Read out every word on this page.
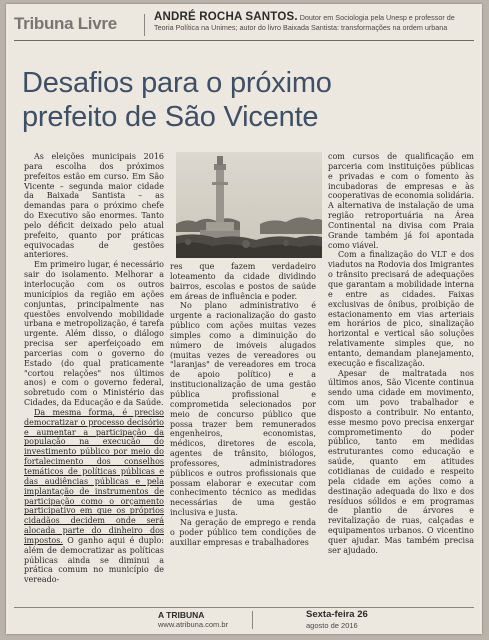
Tribuna Livre	ANDRÉ ROCHA SANTOS. Doutor em Sociologia pela Unesp e professor de Teoria Política na Unimes; autor do livro Baixada Santista: transformações na ordem urbana
Desafios para o próximo
prefeito de São Vicente

As eleições municipais 2016 para escolha dos próximos prefeitos estão em curso. Em São Vicente – segunda maior cidade da Baixada Santista – as demandas para o próximo chefe do Executivo são enormes. Tanto pelo déficit deixado pelo atual prefeito, quanto por práticas equivocadas de gestões anteriores.

Em primeiro lugar, é necessário sair do isolamento. Melhorar a interlocução com os outros municípios da região em ações conjuntas, principalmente nas questões envolvendo mobilidade urbana e metropolização, é tarefa urgente. Além disso, o diálogo precisa ser aperfeiçoado em parcerias com o governo do Estado (do qual praticamente "cortou relações" nos últimos anos) e com o governo federal, sobretudo com o Ministério das Cidades, da Educação e da Saúde.

Da mesma forma, é preciso democratizar o processo decisório e aumentar a participação da população na execução do investimento público por meio do fortalecimento dos conselhos temáticos de políticas públicas e das audiências públicas e pela implantação de instrumentos de participação como o orçamento participativo em que os próprios cidadãos decidem onde será alocada parte do dinheiro dos impostos. O ganho aqui é duplo: além de democratizar as políticas públicas ainda se diminui a prática comum no município de vereado-

res que fazem verdadeiro loteamento da cidade dividindo bairros, escolas e postos de saúde em áreas de influência e poder.

No plano administrativo é urgente a racionalização do gasto público com ações muitas vezes simples como a diminuição do número de imóveis alugados (muitas vezes de vereadores ou "laranjas" de vereadores em troca de apoio político) e a institucionalização de uma gestão pública profissional e comprometida selecionados por meio de concurso público que possa trazer bem remunerados engenheiros, economistas, médicos, diretores de escola, agentes de trânsito, biólogos, professores, administradores públicos e outros profissionais que possam elaborar e executar com conhecimento técnico as medidas necessárias de uma gestão inclusiva e justa.

Na geração de emprego e renda o poder público tem condições de auxiliar empresas e trabalhadores

com cursos de qualificação em parceria com instituições públicas e privadas e com o fomento às incubadoras de empresas e às cooperativas de economia solidária. A alternativa de instalação de uma região retroportuária na Área Continental na divisa com Praia Grande também já foi apontada como viável.

Com a finalização do VLT e dos viadutos na Rodovia dos Imigrantes o trânsito precisará de adequações que garantam a mobilidade interna e entre as cidades. Faixas exclusivas de ônibus, proibição de estacionamento em vias arteriais em horários de pico, sinalização horizontal e vertical são soluções relativamente simples que, no entanto, demandam planejamento, execução e fiscalização.

Apesar de maltratada nos últimos anos, São Vicente continua sendo uma cidade em movimento, com um povo trabalhador e disposto a contribuir. No entanto, esse mesmo povo precisa enxergar comprometimento do poder público, tanto em medidas estruturantes como educação e saúde, quanto em atitudes cotidianas de cuidado e respeito pela cidade em ações como a destinação adequada do lixo e dos resíduos sólidos e em programas de plantio de árvores e revitalização de ruas, calçadas e equipamentos urbanos. O vicentino quer ajudar. Mas também precisa ser ajudado.

A TRIBUNA
www.atribuna.com.br
Sexta-feira 26
agosto de 2016
